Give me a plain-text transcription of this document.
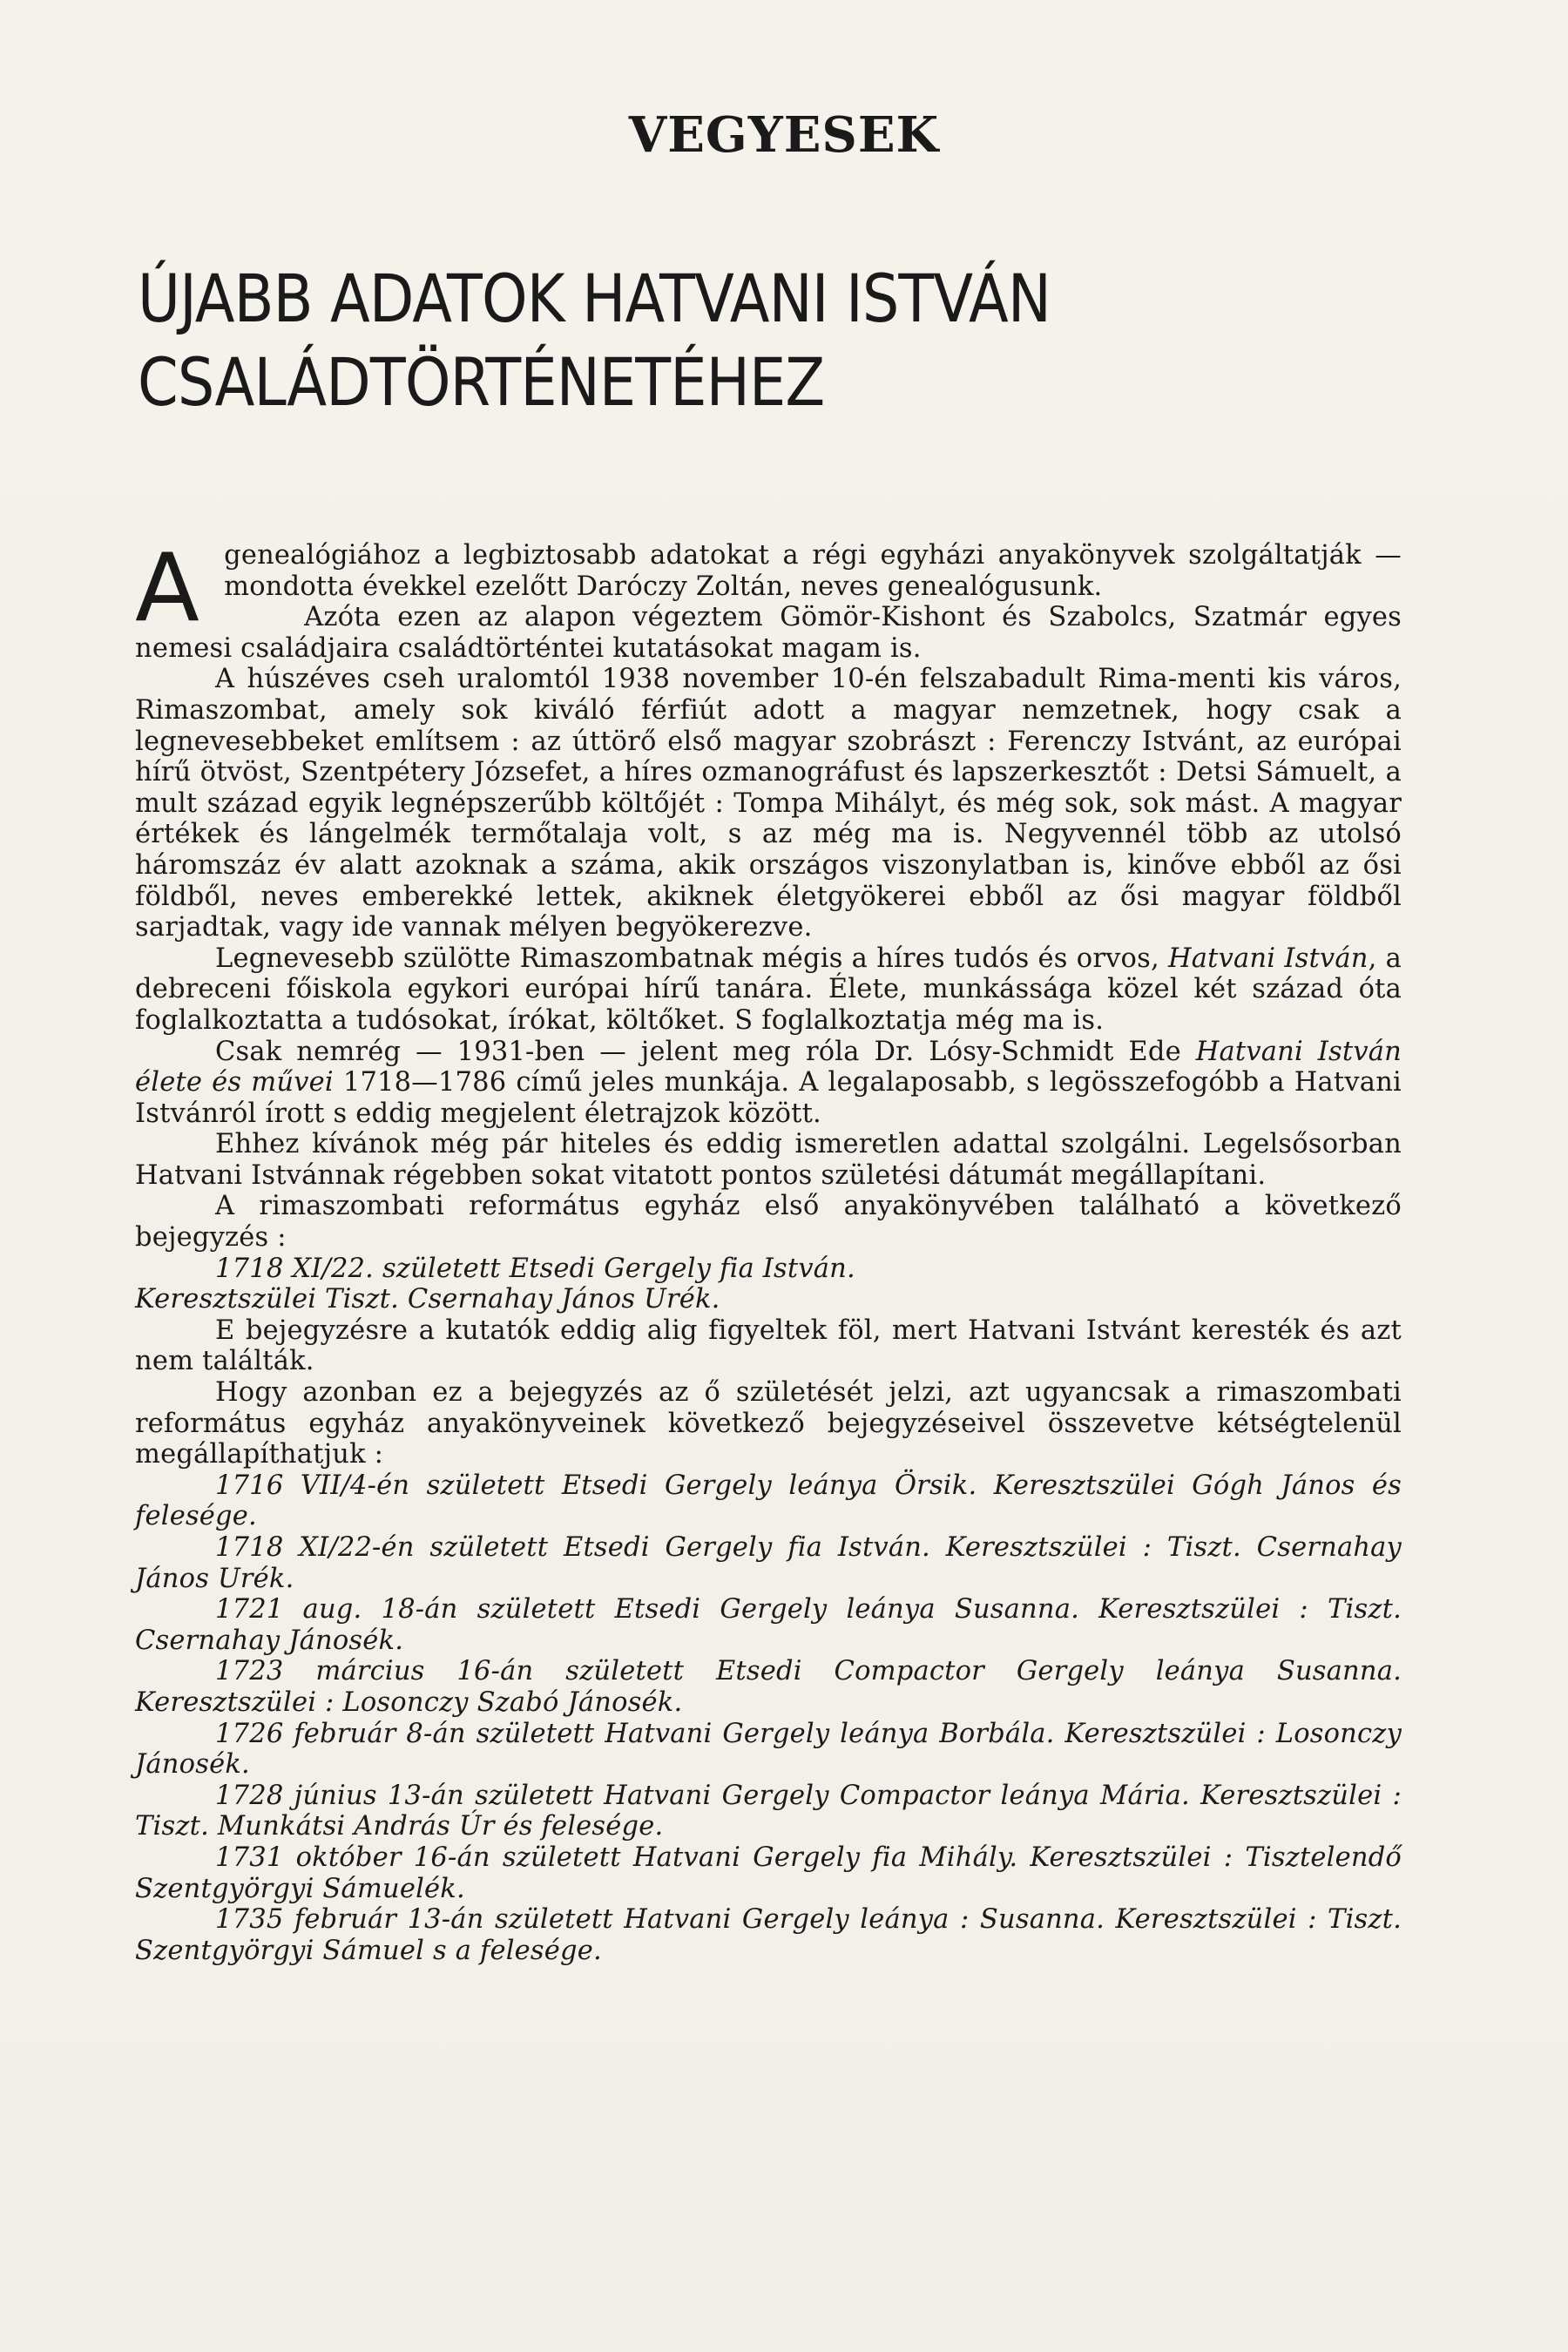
VEGYESEK
ÚJABB ADATOK HATVANI ISTVÁN
CSALÁDTÖRTÉNETÉHEZ

A genealógiához a legbiztosabb adatokat a régi egyházi anyakönyvek szolgáltatják — mondotta évekkel ezelőtt Daróczy Zoltán, neves genealógusunk.

Azóta ezen az alapon végeztem Gömör-Kishont és Szabolcs, Szatmár egyes nemesi családjaira családtörténtei kutatásokat magam is.

A húszéves cseh uralomtól 1938 november 10-én felszabadult Rima-menti kis város, Rimaszombat, amely sok kiváló férfiút adott a magyar nemzetnek, hogy csak a legnevesebbeket említsem : az úttörő első magyar szobrászt : Ferenczy Istvánt, az európai hírű ötvöst, Szentpétery Józsefet, a híres ozmanográfust és lapszerkesztőt : Detsi Sámuelt, a mult század egyik legnépszerűbb költőjét : Tompa Mihályt, és még sok, sok mást. A magyar értékek és lángelmék termőtalaja volt, s az még ma is. Negyvennél több az utolsó háromszáz év alatt azoknak a száma, akik országos viszonylatban is, kinőve ebből az ősi földből, neves emberekké lettek, akiknek életgyökerei ebből az ősi magyar földből sarjadtak, vagy ide vannak mélyen begyökerezve.

Legnevesebb szülötte Rimaszombatnak mégis a híres tudós és orvos, Hatvani István, a debreceni főiskola egykori európai hírű tanára. Élete, munkássága közel két század óta foglalkoztatta a tudósokat, írókat, költőket. S foglalkoztatja még ma is.

Csak nemrég — 1931-ben — jelent meg róla Dr. Lósy-Schmidt Ede Hatvani István élete és művei 1718—1786 című jeles munkája. A legalaposabb, s legösszefogóbb a Hatvani Istvánról írott s eddig megjelent életrajzok között.

Ehhez kívánok még pár hiteles és eddig ismeretlen adattal szolgálni. Legelsősorban Hatvani Istvánnak régebben sokat vitatott pontos születési dátumát megállapítani.

A rimaszombati református egyház első anyakönyvében található a következő bejegyzés :

1718 XI/22. született Etsedi Gergely fia István.

Keresztszülei Tiszt. Csernahay János Urék.

E bejegyzésre a kutatók eddig alig figyeltek föl, mert Hatvani Istvánt keresték és azt nem találták.

Hogy azonban ez a bejegyzés az ő születését jelzi, azt ugyancsak a rimaszombati református egyház anyakönyveinek következő bejegyzéseivel összevetve kétségtelenül megállapíthatjuk :

1716 VII/4-én született Etsedi Gergely leánya Örsik. Keresztszülei Gógh János és felesége.

1718 XI/22-én született Etsedi Gergely fia István. Keresztszülei : Tiszt. Csernahay János Urék.

1721 aug. 18-án született Etsedi Gergely leánya Susanna. Keresztszülei : Tiszt. Csernahay Jánosék.

1723 március 16-án született Etsedi Compactor Gergely leánya Susanna. Keresztszülei : Losonczy Szabó Jánosék.

1726 február 8-án született Hatvani Gergely leánya Borbála. Keresztszülei : Losonczy Jánosék.

1728 június 13-án született Hatvani Gergely Compactor leánya Mária. Keresztszülei : Tiszt. Munkátsi András Úr és felesége.

1731 október 16-án született Hatvani Gergely fia Mihály. Keresztszülei : Tisztelendő Szentgyörgyi Sámuelék.

1735 február 13-án született Hatvani Gergely leánya : Susanna. Keresztszülei : Tiszt. Szentgyörgyi Sámuel s a felesége.
